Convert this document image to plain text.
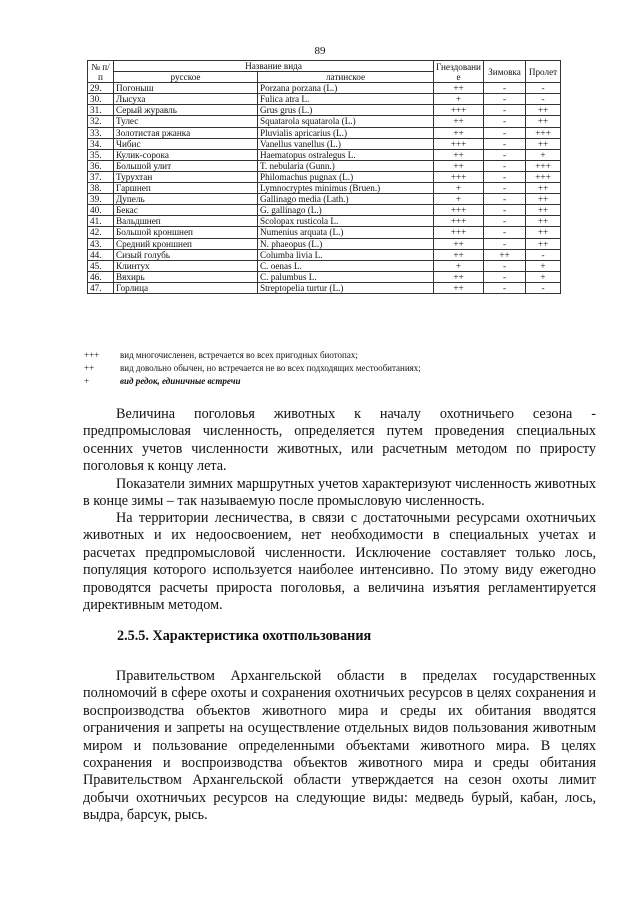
89
№ п/п	Название вида		Гнездование	Зимовка	Пролет
	русское	латинское			
29.	Погоныш	Porzana porzana (L.)	++	-	-
30.	Лысуха	Fulica atra L.	+	-	-
31.	Серый журавль	Grus grus (L.)	+++	-	++
32.	Тулес	Squatarola squatarola (L.)	++	-	++
33.	Золотистая ржанка	Pluvialis apricarius (L.)	++	-	+++
34.	Чибис	Vanellus vanellus (L.)	+++	-	++
35.	Кулик-сорока	Haematopus ostralegus L.	++	-	+
36.	Большой улит	T. nebularia (Gunn.)	++	-	+++
37.	Турухтан	Philomachus pugnax (L.)	+++	-	+++
38.	Гаршнеп	Lymnocryptes minimus (Bruen.)	+	-	++
39.	Дупель	Gallinago media (Lath.)	+	-	++
40.	Бекас	G. gallinago (L.)	+++	-	++
41.	Вальдшнеп	Scolopax rusticola L.	+++	-	++
42.	Большой кроншнеп	Numenius arquata (L.)	+++	-	++
43.	Средний кроншнеп	N. phaeopus (L.)	++	-	++
44.	Сизый голубь	Columba livia L.	++	++	-
45.	Клинтух	C. oenas L.	+	-	+
46.	Вяхирь	C. palumbus L.	++	-	+
47.	Горлица	Streptopelia turtur (L.)	++	-	-
+++	вид многочисленен, встречается во всех пригодных биотопах;
++	вид довольно обычен, но встречается не во всех подходящих местообитаниях;
+	вид редок, единичные встречи
Величина поголовья животных к началу охотничьего сезона - предпромысловая численность, определяется путем проведения специальных осенних учетов численности животных, или расчетным методом по приросту поголовья к концу лета.
Показатели зимних маршрутных учетов характеризуют численность животных в конце зимы – так называемую после промысловую численность.
На территории лесничества, в связи с достаточными ресурсами охотничьих животных и их недоосвоением, нет необходимости в специальных учетах и расчетах предпромысловой численности. Исключение составляет только лось, популяция которого используется наиболее интенсивно. По этому виду ежегодно проводятся расчеты прироста поголовья, а величина изъятия регламентируется директивным методом.
2.5.5. Характеристика охотпользования
Правительством Архангельской области в пределах государственных полномочий в сфере охоты и сохранения охотничьих ресурсов в целях сохранения и воспроизводства объектов животного мира и среды их обитания вводятся ограничения и запреты на осуществление отдельных видов пользования животным миром и пользование определенными объектами животного мира. В целях сохранения и воспроизводства объектов животного мира и среды обитания Правительством Архангельской области утверждается на сезон охоты лимит добычи охотничьих ресурсов на следующие виды: медведь бурый, кабан, лось, выдра, барсук, рысь.
